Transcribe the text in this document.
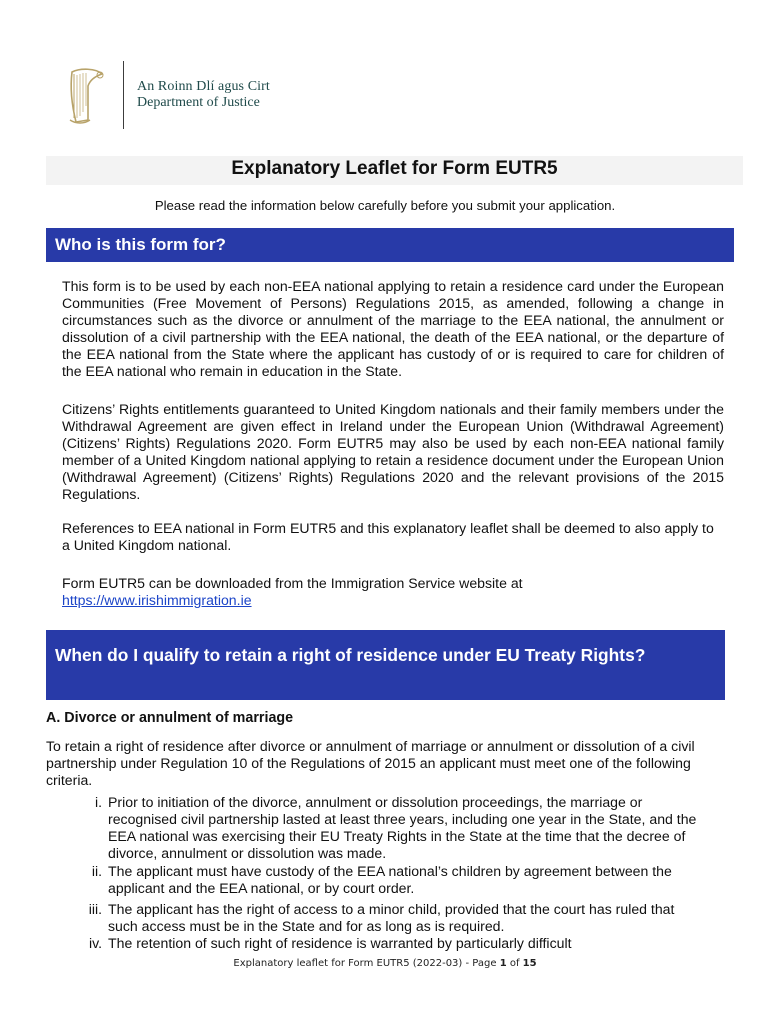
An Roinn Dlí agus Cirt
Department of Justice
Explanatory Leaflet for Form EUTR5
Please read the information below carefully before you submit your application.
Who is this form for?
This form is to be used by each non-EEA national applying to retain a residence card under the European Communities (Free Movement of Persons) Regulations 2015, as amended, following a change in circumstances such as the divorce or annulment of the marriage to the EEA national, the annulment or dissolution of a civil partnership with the EEA national, the death of the EEA national, or the departure of the EEA national from the State where the applicant has custody of or is required to care for children of the EEA national who remain in education in the State.
Citizens’ Rights entitlements guaranteed to United Kingdom nationals and their family members under the Withdrawal Agreement are given effect in Ireland under the European Union (Withdrawal Agreement) (Citizens’ Rights) Regulations 2020. Form EUTR5 may also be used by each non-EEA national family member of a United Kingdom national applying to retain a residence document under the European Union (Withdrawal Agreement) (Citizens’ Rights) Regulations 2020 and the relevant provisions of the 2015 Regulations.
References to EEA national in Form EUTR5 and this explanatory leaflet shall be deemed to also apply to a United Kingdom national.
Form EUTR5 can be downloaded from the Immigration Service website at
https://www.irishimmigration.ie
When do I qualify to retain a right of residence under EU Treaty Rights?
A. Divorce or annulment of marriage
To retain a right of residence after divorce or annulment of marriage or annulment or dissolution of a civil partnership under Regulation 10 of the Regulations of 2015 an applicant must meet one of the following criteria.
i. Prior to initiation of the divorce, annulment or dissolution proceedings, the marriage or recognised civil partnership lasted at least three years, including one year in the State, and the EEA national was exercising their EU Treaty Rights in the State at the time that the decree of divorce, annulment or dissolution was made.
ii. The applicant must have custody of the EEA national’s children by agreement between the applicant and the EEA national, or by court order.
iii. The applicant has the right of access to a minor child, provided that the court has ruled that such access must be in the State and for as long as is required.
iv. The retention of such right of residence is warranted by particularly difficult
Explanatory leaflet for Form EUTR5 (2022-03) - Page 1 of 15
